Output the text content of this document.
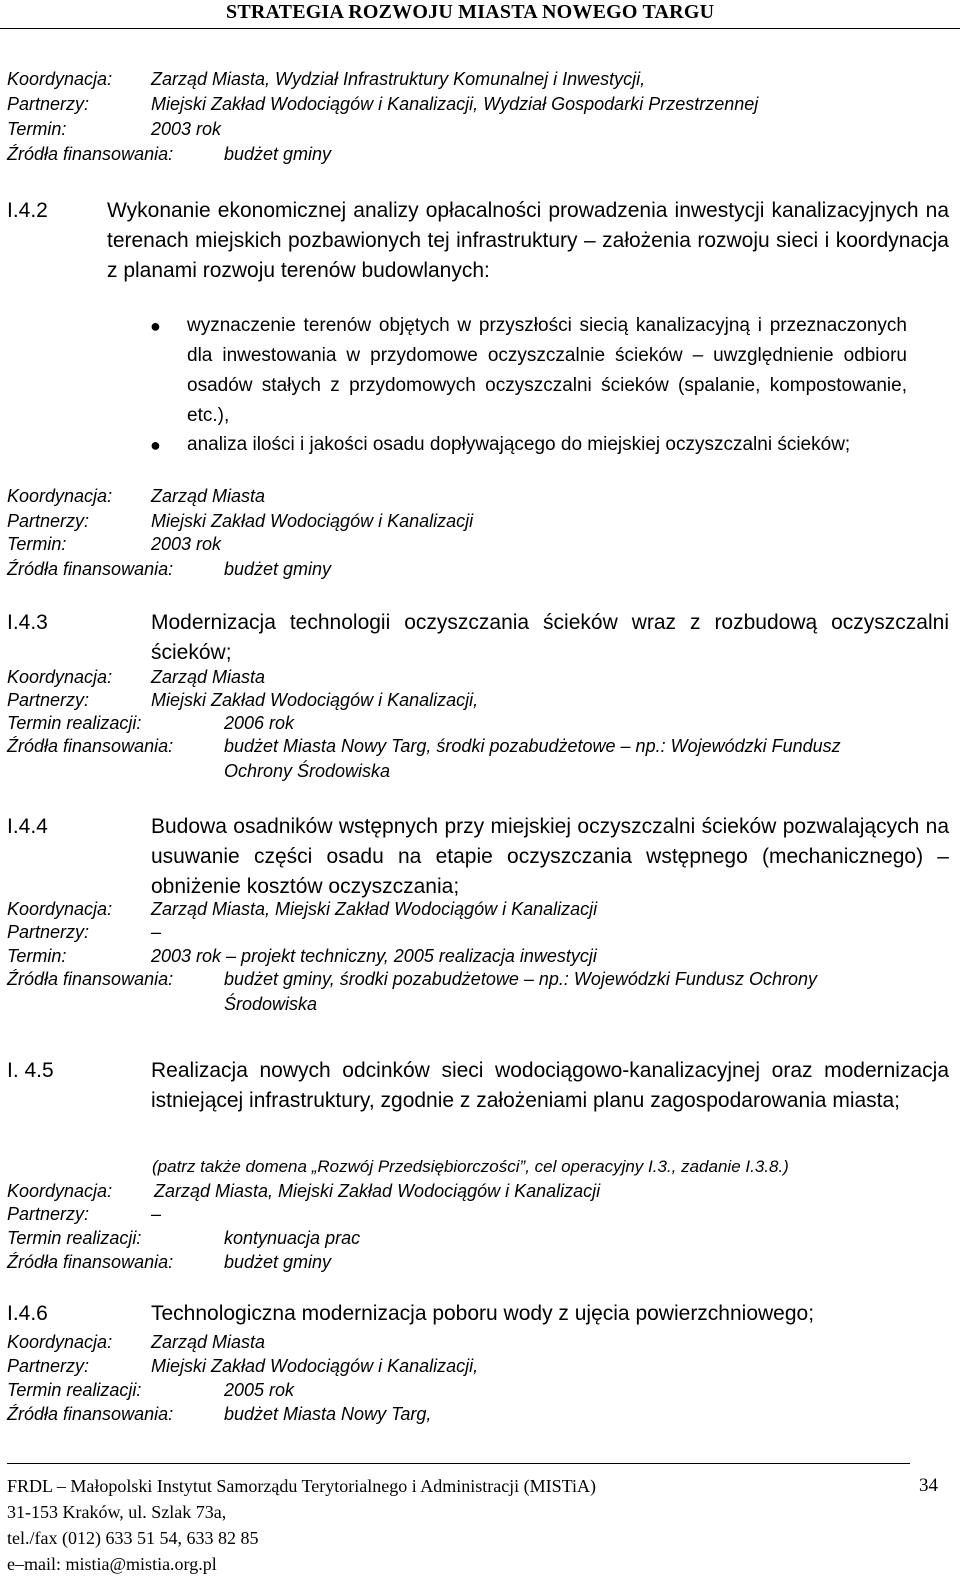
STRATEGIA ROZWOJU MIASTA NOWEGO TARGU
Koordynacja: Zarząd Miasta, Wydział Infrastruktury Komunalnej i Inwestycji,
Partnerzy:	Miejski Zakład Wodociągów i Kanalizacji, Wydział Gospodarki Przestrzennej
Termin:	2003 rok
Źródła finansowania:	budżet gminy
I.4.2	Wykonanie ekonomicznej analizy opłacalności prowadzenia inwestycji kanalizacyjnych na terenach miejskich pozbawionych tej infrastruktury – założenia rozwoju sieci i koordynacja z planami rozwoju terenów budowlanych:
● wyznaczenie terenów objętych w przyszłości siecią kanalizacyjną i przeznaczonych dla inwestowania w przydomowe oczyszczalnie ścieków – uwzględnienie odbioru osadów stałych z przydomowych oczyszczalni ścieków (spalanie, kompostowanie, etc.),
● analiza ilości i jakości osadu dopływającego do miejskiej oczyszczalni ścieków;
Koordynacja: Zarząd Miasta
Partnerzy:	Miejski Zakład Wodociągów i Kanalizacji
Termin:	2003 rok
Źródła finansowania:	budżet gminy
I.4.3	Modernizacja technologii oczyszczania ścieków wraz z rozbudową oczyszczalni ścieków;
Koordynacja: Zarząd Miasta
Partnerzy:	Miejski Zakład Wodociągów i Kanalizacji,
Termin realizacji:	2006 rok
Źródła finansowania:	budżet Miasta Nowy Targ, środki pozabudżetowe – np.: Wojewódzki Fundusz
Ochrony Środowiska
I.4.4	Budowa osadników wstępnych przy miejskiej oczyszczalni ścieków pozwalających na usuwanie części osadu na etapie oczyszczania wstępnego (mechanicznego) – obniżenie kosztów oczyszczania;
Koordynacja: Zarząd Miasta, Miejski Zakład Wodociągów i Kanalizacji
Partnerzy:	–
Termin:	2003 rok – projekt techniczny, 2005 realizacja inwestycji
Źródła finansowania:	budżet gminy, środki pozabudżetowe – np.: Wojewódzki Fundusz Ochrony
Środowiska
I. 4.5	Realizacja nowych odcinków sieci wodociągowo-kanalizacyjnej oraz modernizacja istniejącej infrastruktury, zgodnie z założeniami planu zagospodarowania miasta;
(patrz także domena „Rozwój Przedsiębiorczości”, cel operacyjny I.3., zadanie I.3.8.)
Koordynacja: Zarząd Miasta, Miejski Zakład Wodociągów i Kanalizacji
Partnerzy:	–
Termin realizacji:	kontynuacja prac
Źródła finansowania:	budżet gminy
I.4.6	Technologiczna modernizacja poboru wody z ujęcia powierzchniowego;
Koordynacja: Zarząd Miasta
Partnerzy:	Miejski Zakład Wodociągów i Kanalizacji,
Termin realizacji:	2005 rok
Źródła finansowania:	budżet Miasta Nowy Targ,
FRDL – Małopolski Instytut Samorządu Terytorialnego i Administracji (MISTiA)
31-153 Kraków, ul. Szlak 73a,
tel./fax (012) 633 51 54, 633 82 85
e–mail: mistia@mistia.org.pl
34
